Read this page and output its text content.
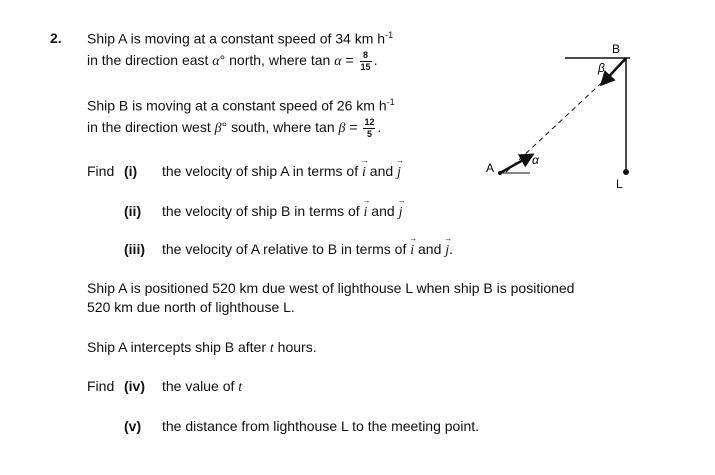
2. Ship A is moving at a constant speed of 34 km $h^{-1}$
in the direction east α° north, where $\tan \alpha = \frac{8}{15}$ .
Ship B is moving at a constant speed of 26 km $h^{-1}$
in the direction west β° south, where $\tan \beta = \frac{12}{5}$ .
Find (i) the velocity of ship A in terms of i
→
and j
→
(ii) the velocity of ship B in terms of i
→
and j
→
(iii) the velocity of A relative to B in terms of i
→
and j
→
.
Ship A is positioned 520 km due west of lighthouse L when ship B is positioned
520 km due north of lighthouse L.
Ship A intercepts ship B after t hours.
Find (iv) the value of t
(v) the distance from lighthouse L to the meeting point.
A
B
L
α
β
